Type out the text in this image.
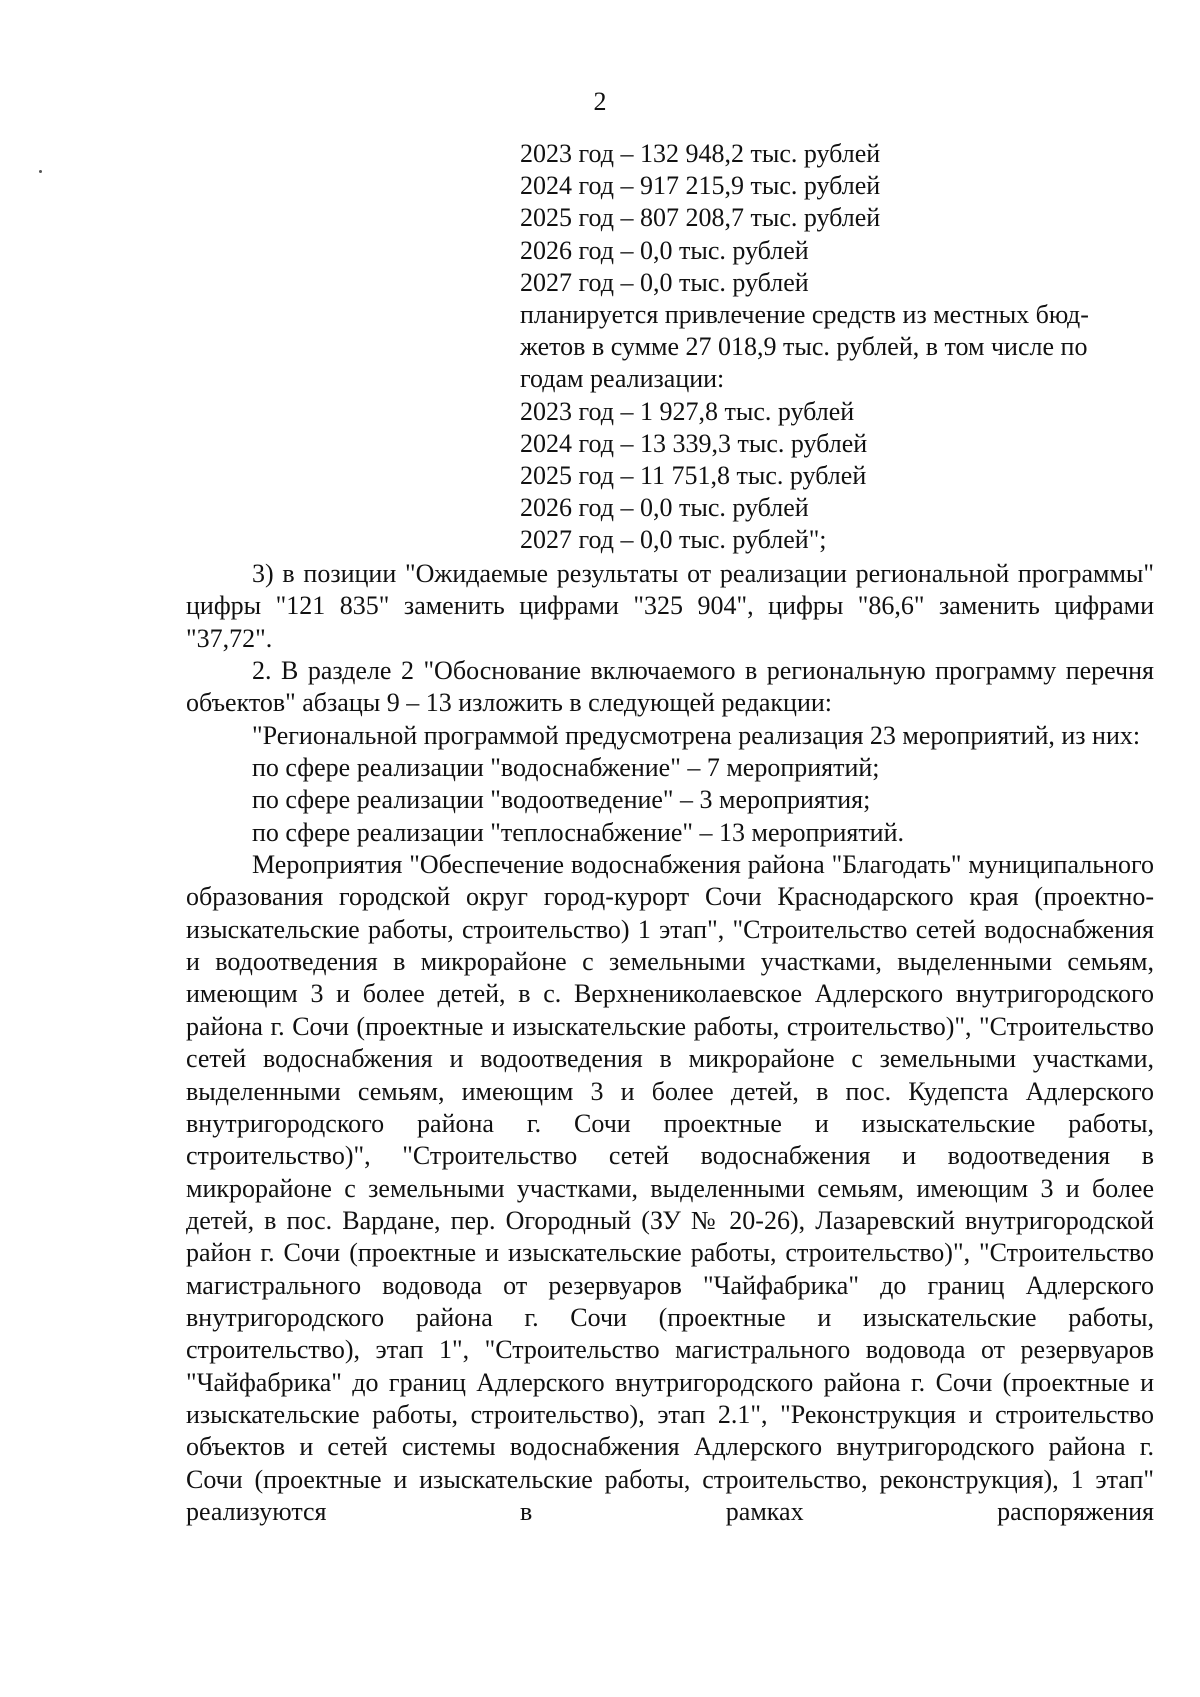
2
2023 год – 132 948,2 тыс. рублей
2024 год – 917 215,9 тыс. рублей
2025 год – 807 208,7 тыс. рублей
2026 год – 0,0 тыс. рублей
2027 год – 0,0 тыс. рублей
планируется привлечение средств из местных бюд-
жетов в сумме 27 018,9 тыс. рублей, в том числе по
годам реализации:
2023 год – 1 927,8 тыс. рублей
2024 год – 13 339,3 тыс. рублей
2025 год – 11 751,8 тыс. рублей
2026 год – 0,0 тыс. рублей
2027 год – 0,0 тыс. рублей";

3) в позиции "Ожидаемые результаты от реализации региональной программы" цифры "121 835" заменить цифрами "325 904", цифры "86,6" заменить цифрами "37,72".

2. В разделе 2 "Обоснование включаемого в региональную программу перечня объектов" абзацы 9 – 13 изложить в следующей редакции:

"Региональной программой предусмотрена реализация 23 мероприятий, из них:

по сфере реализации "водоснабжение" – 7 мероприятий;

по сфере реализации "водоотведение" – 3 мероприятия;

по сфере реализации "теплоснабжение" – 13 мероприятий.

Мероприятия "Обеспечение водоснабжения района "Благодать" муниципального образования городской округ город-курорт Сочи Краснодарского края (проектно-изыскательские работы, строительство) 1 этап", "Строительство сетей водоснабжения и водоотведения в микрорайоне с земельными участками, выделенными семьям, имеющим 3 и более детей, в с. Верхнениколаевское Адлерского внутригородского района г. Сочи (проектные и изыскательские работы, строительство)", "Строительство сетей водоснабжения и водоотведения в микрорайоне с земельными участками, выделенными семьям, имеющим 3 и более детей, в пос. Кудепста Адлерского внутригородского района г. Сочи проектные и изыскательские работы, строительство)", "Строительство сетей водоснабжения и водоотведения в микрорайоне с земельными участками, выделенными семьям, имеющим 3 и более детей, в пос. Вардане, пер. Огородный (ЗУ № 20-26), Лазаревский внутригородской район г. Сочи (проектные и изыскательские работы, строительство)", "Строительство магистрального водовода от резервуаров "Чайфабрика" до границ Адлерского внутригородского района г. Сочи (проектные и изыскательские работы, строительство), этап 1", "Строительство магистрального водовода от резервуаров "Чайфабрика" до границ Адлерского внутригородского района г. Сочи (проектные и изыскательские работы, строительство), этап 2.1", "Реконструкция и строительство объектов и сетей системы водоснабжения Адлерского внутригородского района г. Сочи (проектные и изыскательские работы, строительство, реконструкция), 1 этап" реализуются в рамках распоряжения
